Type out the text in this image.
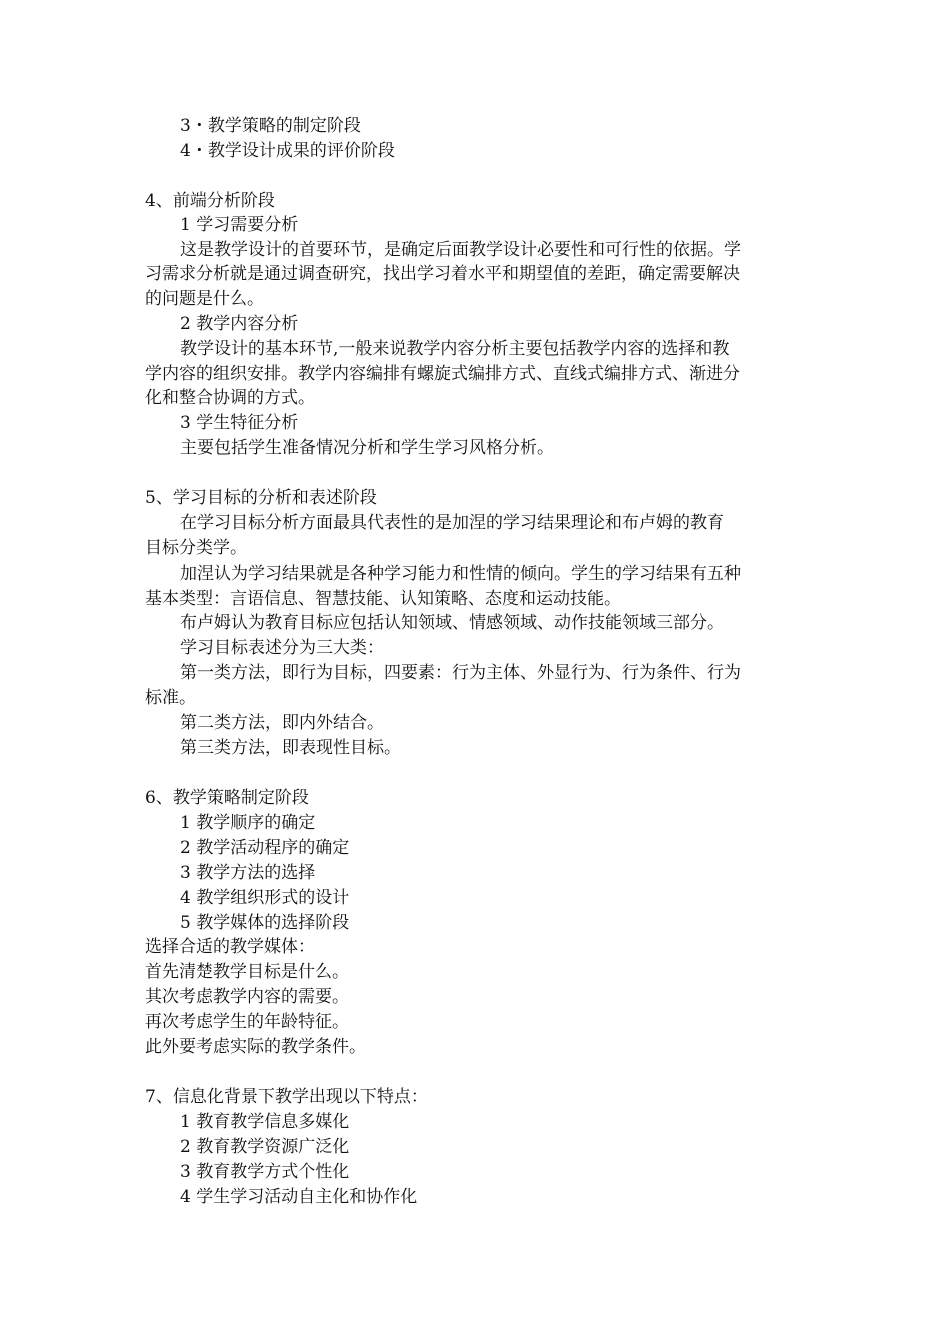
3・教学策略的制定阶段
4・教学设计成果的评价阶段
4、前端分析阶段
1 学习需要分析
这是教学设计的首要环节，是确定后面教学设计必要性和可行性的依据。学
习需求分析就是通过调查研究，找出学习着水平和期望值的差距，确定需要解决
的问题是什么。
2 教学内容分析
教学设计的基本环节,一般来说教学内容分析主要包括教学内容的选择和教
学内容的组织安排。教学内容编排有螺旋式编排方式、直线式编排方式、渐进分
化和整合协调的方式。
3 学生特征分析
主要包括学生准备情况分析和学生学习风格分析。
5、学习目标的分析和表述阶段
在学习目标分析方面最具代表性的是加涅的学习结果理论和布卢姆的教育
目标分类学。
加涅认为学习结果就是各种学习能力和性情的倾向。学生的学习结果有五种
基本类型：言语信息、智慧技能、认知策略、态度和运动技能。
布卢姆认为教育目标应包括认知领域、情感领域、动作技能领域三部分。
学习目标表述分为三大类：
第一类方法，即行为目标，四要素：行为主体、外显行为、行为条件、行为
标准。
第二类方法，即内外结合。
第三类方法，即表现性目标。
6、教学策略制定阶段
1 教学顺序的确定
2 教学活动程序的确定
3 教学方法的选择
4 教学组织形式的设计
5 教学媒体的选择阶段
选择合适的教学媒体：
首先清楚教学目标是什么。
其次考虑教学内容的需要。
再次考虑学生的年龄特征。
此外要考虑实际的教学条件。
7、信息化背景下教学出现以下特点：
1 教育教学信息多媒化
2 教育教学资源广泛化
3 教育教学方式个性化
4 学生学习活动自主化和协作化
